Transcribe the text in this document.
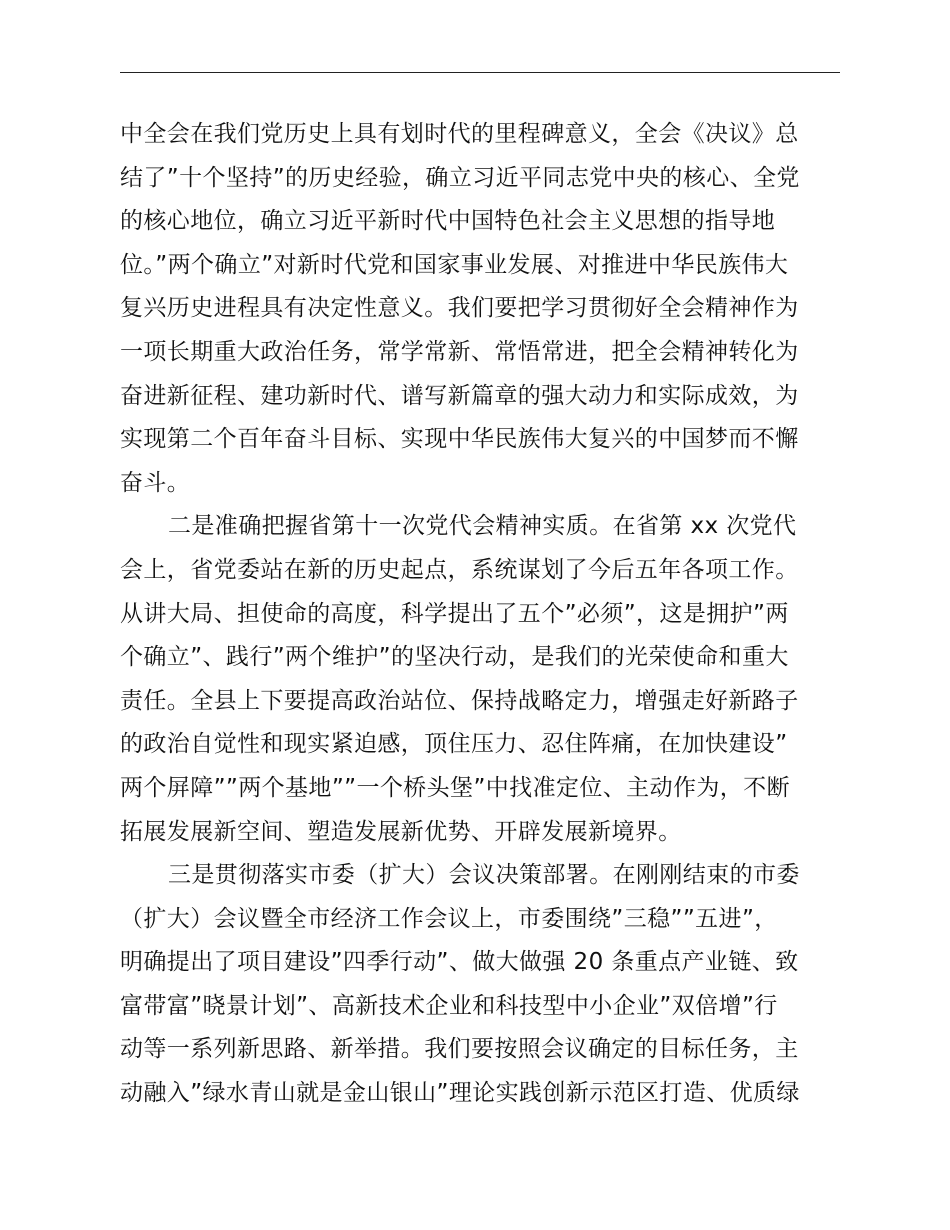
中全会在我们党历史上具有划时代的里程碑意义，全会《决议》总
结了”十个坚持”的历史经验，确立习近平同志党中央的核心、全党
的核心地位，确立习近平新时代中国特色社会主义思想的指导地
位。”两个确立”对新时代党和国家事业发展、对推进中华民族伟大
复兴历史进程具有决定性意义。我们要把学习贯彻好全会精神作为
一项长期重大政治任务，常学常新、常悟常进，把全会精神转化为
奋进新征程、建功新时代、谱写新篇章的强大动力和实际成效，为
实现第二个百年奋斗目标、实现中华民族伟大复兴的中国梦而不懈
奋斗。
二是准确把握省第十一次党代会精神实质。在省第 xx 次党代
会上，省党委站在新的历史起点，系统谋划了今后五年各项工作。
从讲大局、担使命的高度，科学提出了五个”必须”，这是拥护”两
个确立”、践行”两个维护”的坚决行动，是我们的光荣使命和重大
责任。全县上下要提高政治站位、保持战略定力，增强走好新路子
的政治自觉性和现实紧迫感，顶住压力、忍住阵痛，在加快建设”
两个屏障””两个基地””一个桥头堡”中找准定位、主动作为，不断
拓展发展新空间、塑造发展新优势、开辟发展新境界。
三是贯彻落实市委（扩大）会议决策部署。在刚刚结束的市委
（扩大）会议暨全市经济工作会议上，市委围绕”三稳””五进”，
明确提出了项目建设”四季行动”、做大做强 20 条重点产业链、致
富带富”晓景计划”、高新技术企业和科技型中小企业”双倍增”行
动等一系列新思路、新举措。我们要按照会议确定的目标任务，主
动融入”绿水青山就是金山银山”理论实践创新示范区打造、优质绿
